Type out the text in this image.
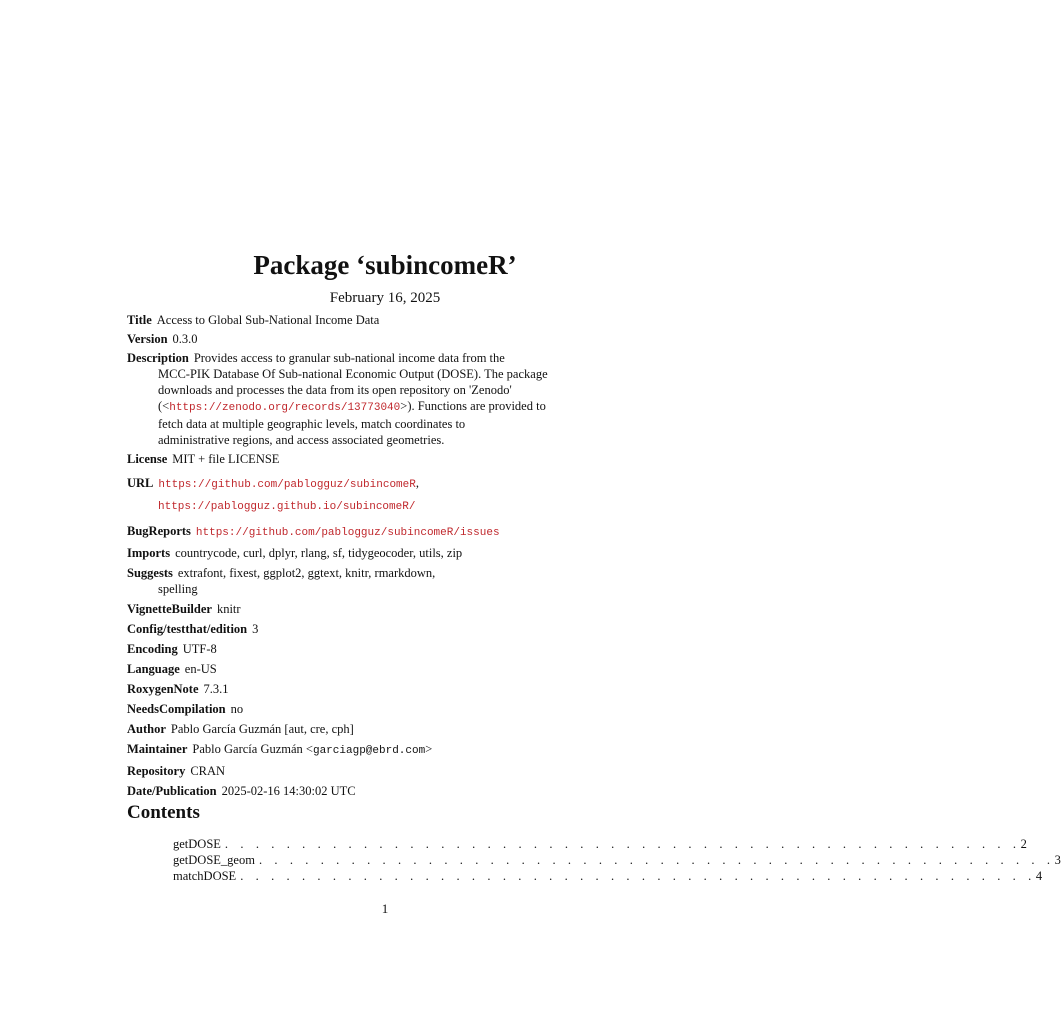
Package ‘subincomeR’
February 16, 2025
Title Access to Global Sub-National Income Data
Version 0.3.0
Description Provides access to granular sub-national income data from the
MCC-PIK Database Of Sub-national Economic Output (DOSE). The package
downloads and processes the data from its open repository on 'Zenodo'
(<https://zenodo.org/records/13773040>). Functions are provided to
fetch data at multiple geographic levels, match coordinates to
administrative regions, and access associated geometries.
License MIT + file LICENSE
URL https://github.com/pablogguz/subincomeR,
https://pablogguz.github.io/subincomeR/
BugReports https://github.com/pablogguz/subincomeR/issues
Imports countrycode, curl, dplyr, rlang, sf, tidygeocoder, utils, zip
Suggests extrafont, fixest, ggplot2, ggtext, knitr, rmarkdown,
spelling
VignetteBuilder knitr
Config/testthat/edition 3
Encoding UTF-8
Language en-US
RoxygenNote 7.3.1
NeedsCompilation no
Author Pablo García Guzmán [aut, cre, cph]
Maintainer Pablo García Guzmán <garciagp@ebrd.com>
Repository CRAN
Date/Publication 2025-02-16 14:30:02 UTC
Contents
getDOSE . . . . . . . . . . . . . . . . . . . . . . . . . . . . . . . . . . . . . . . . . . . . . . . . . . . . 2
getDOSE_geom . . . . . . . . . . . . . . . . . . . . . . . . . . . . . . . . . . . . . . . . . . . . . . . . . . . . 3
matchDOSE . . . . . . . . . . . . . . . . . . . . . . . . . . . . . . . . . . . . . . . . . . . . . . . . . . . . 4
1
